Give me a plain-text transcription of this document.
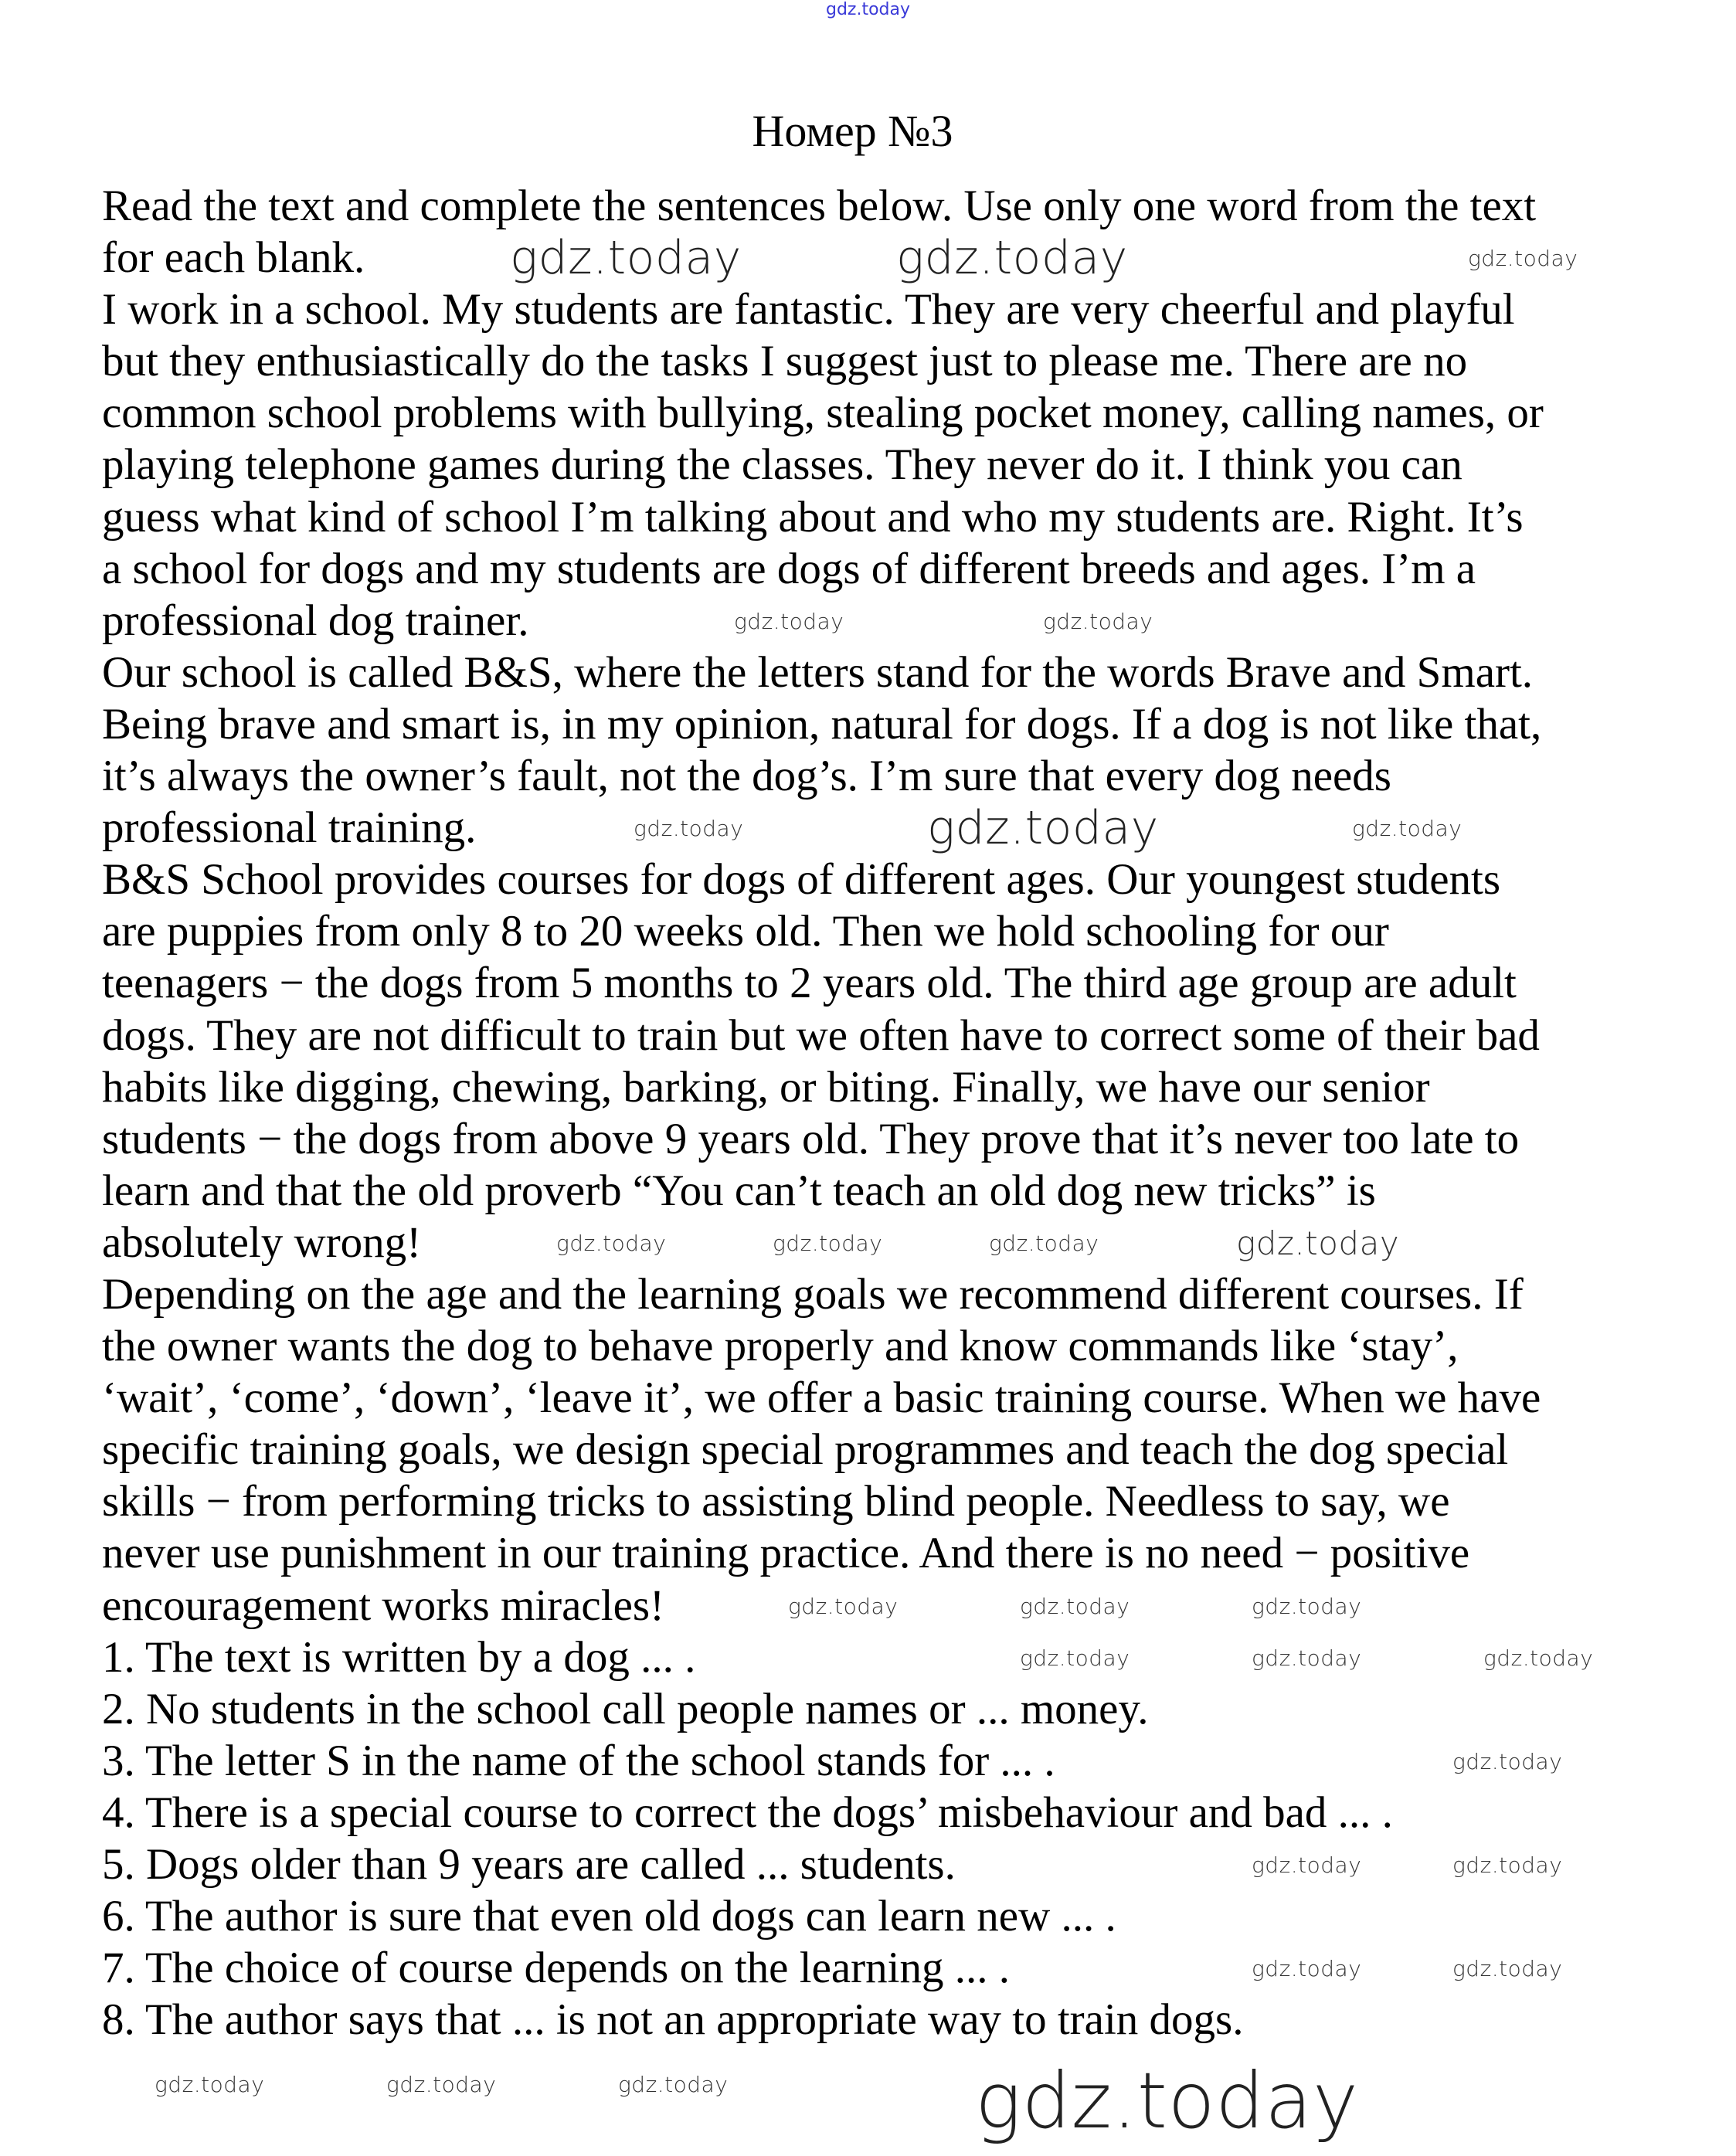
gdz.today
Номер №3
Read the text and complete the sentences below. Use only one word from the text
for each blank.
I work in a school. My students are fantastic. They are very cheerful and playful
but they enthusiastically do the tasks I suggest just to please me. There are no
common school problems with bullying, stealing pocket money, calling names, or
playing telephone games during the classes. They never do it. I think you can
guess what kind of school I’m talking about and who my students are. Right. It’s
a school for dogs and my students are dogs of different breeds and ages. I’m a
professional dog trainer.
Our school is called B&S, where the letters stand for the words Brave and Smart.
Being brave and smart is, in my opinion, natural for dogs. If a dog is not like that,
it’s always the owner’s fault, not the dog’s. I’m sure that every dog needs
professional training.
B&S School provides courses for dogs of different ages. Our youngest students
are puppies from only 8 to 20 weeks old. Then we hold schooling for our
teenagers − the dogs from 5 months to 2 years old. The third age group are adult
dogs. They are not difficult to train but we often have to correct some of their bad
habits like digging, chewing, barking, or biting. Finally, we have our senior
students − the dogs from above 9 years old. They prove that it’s never too late to
learn and that the old proverb “You can’t teach an old dog new tricks” is
absolutely wrong!
Depending on the age and the learning goals we recommend different courses. If
the owner wants the dog to behave properly and know commands like ‘stay’,
‘wait’, ‘come’, ‘down’, ‘leave it’, we offer a basic training course. When we have
specific training goals, we design special programmes and teach the dog special
skills − from performing tricks to assisting blind people. Needless to say, we
never use punishment in our training practice. And there is no need − positive
encouragement works miracles!
1. The text is written by a dog ... .
2. No students in the school call people names or ... money.
3. The letter S in the name of the school stands for ... .
4. There is a special course to correct the dogs’ misbehaviour and bad ... .
5. Dogs older than 9 years are called ... students.
6. The author is sure that even old dogs can learn new ... .
7. The choice of course depends on the learning ... .
8. The author says that ... is not an appropriate way to train dogs.
gdz.today	gdz.today	gdz.today
gdz.today	gdz.today
gdz.today	gdz.today	gdz.today
gdz.today	gdz.today	gdz.today	gdz.today
gdz.today	gdz.today	gdz.today
gdz.today	gdz.today	gdz.today
gdz.today
gdz.today	gdz.today
gdz.today	gdz.today
gdz.today	gdz.today	gdz.today	gdz.today
